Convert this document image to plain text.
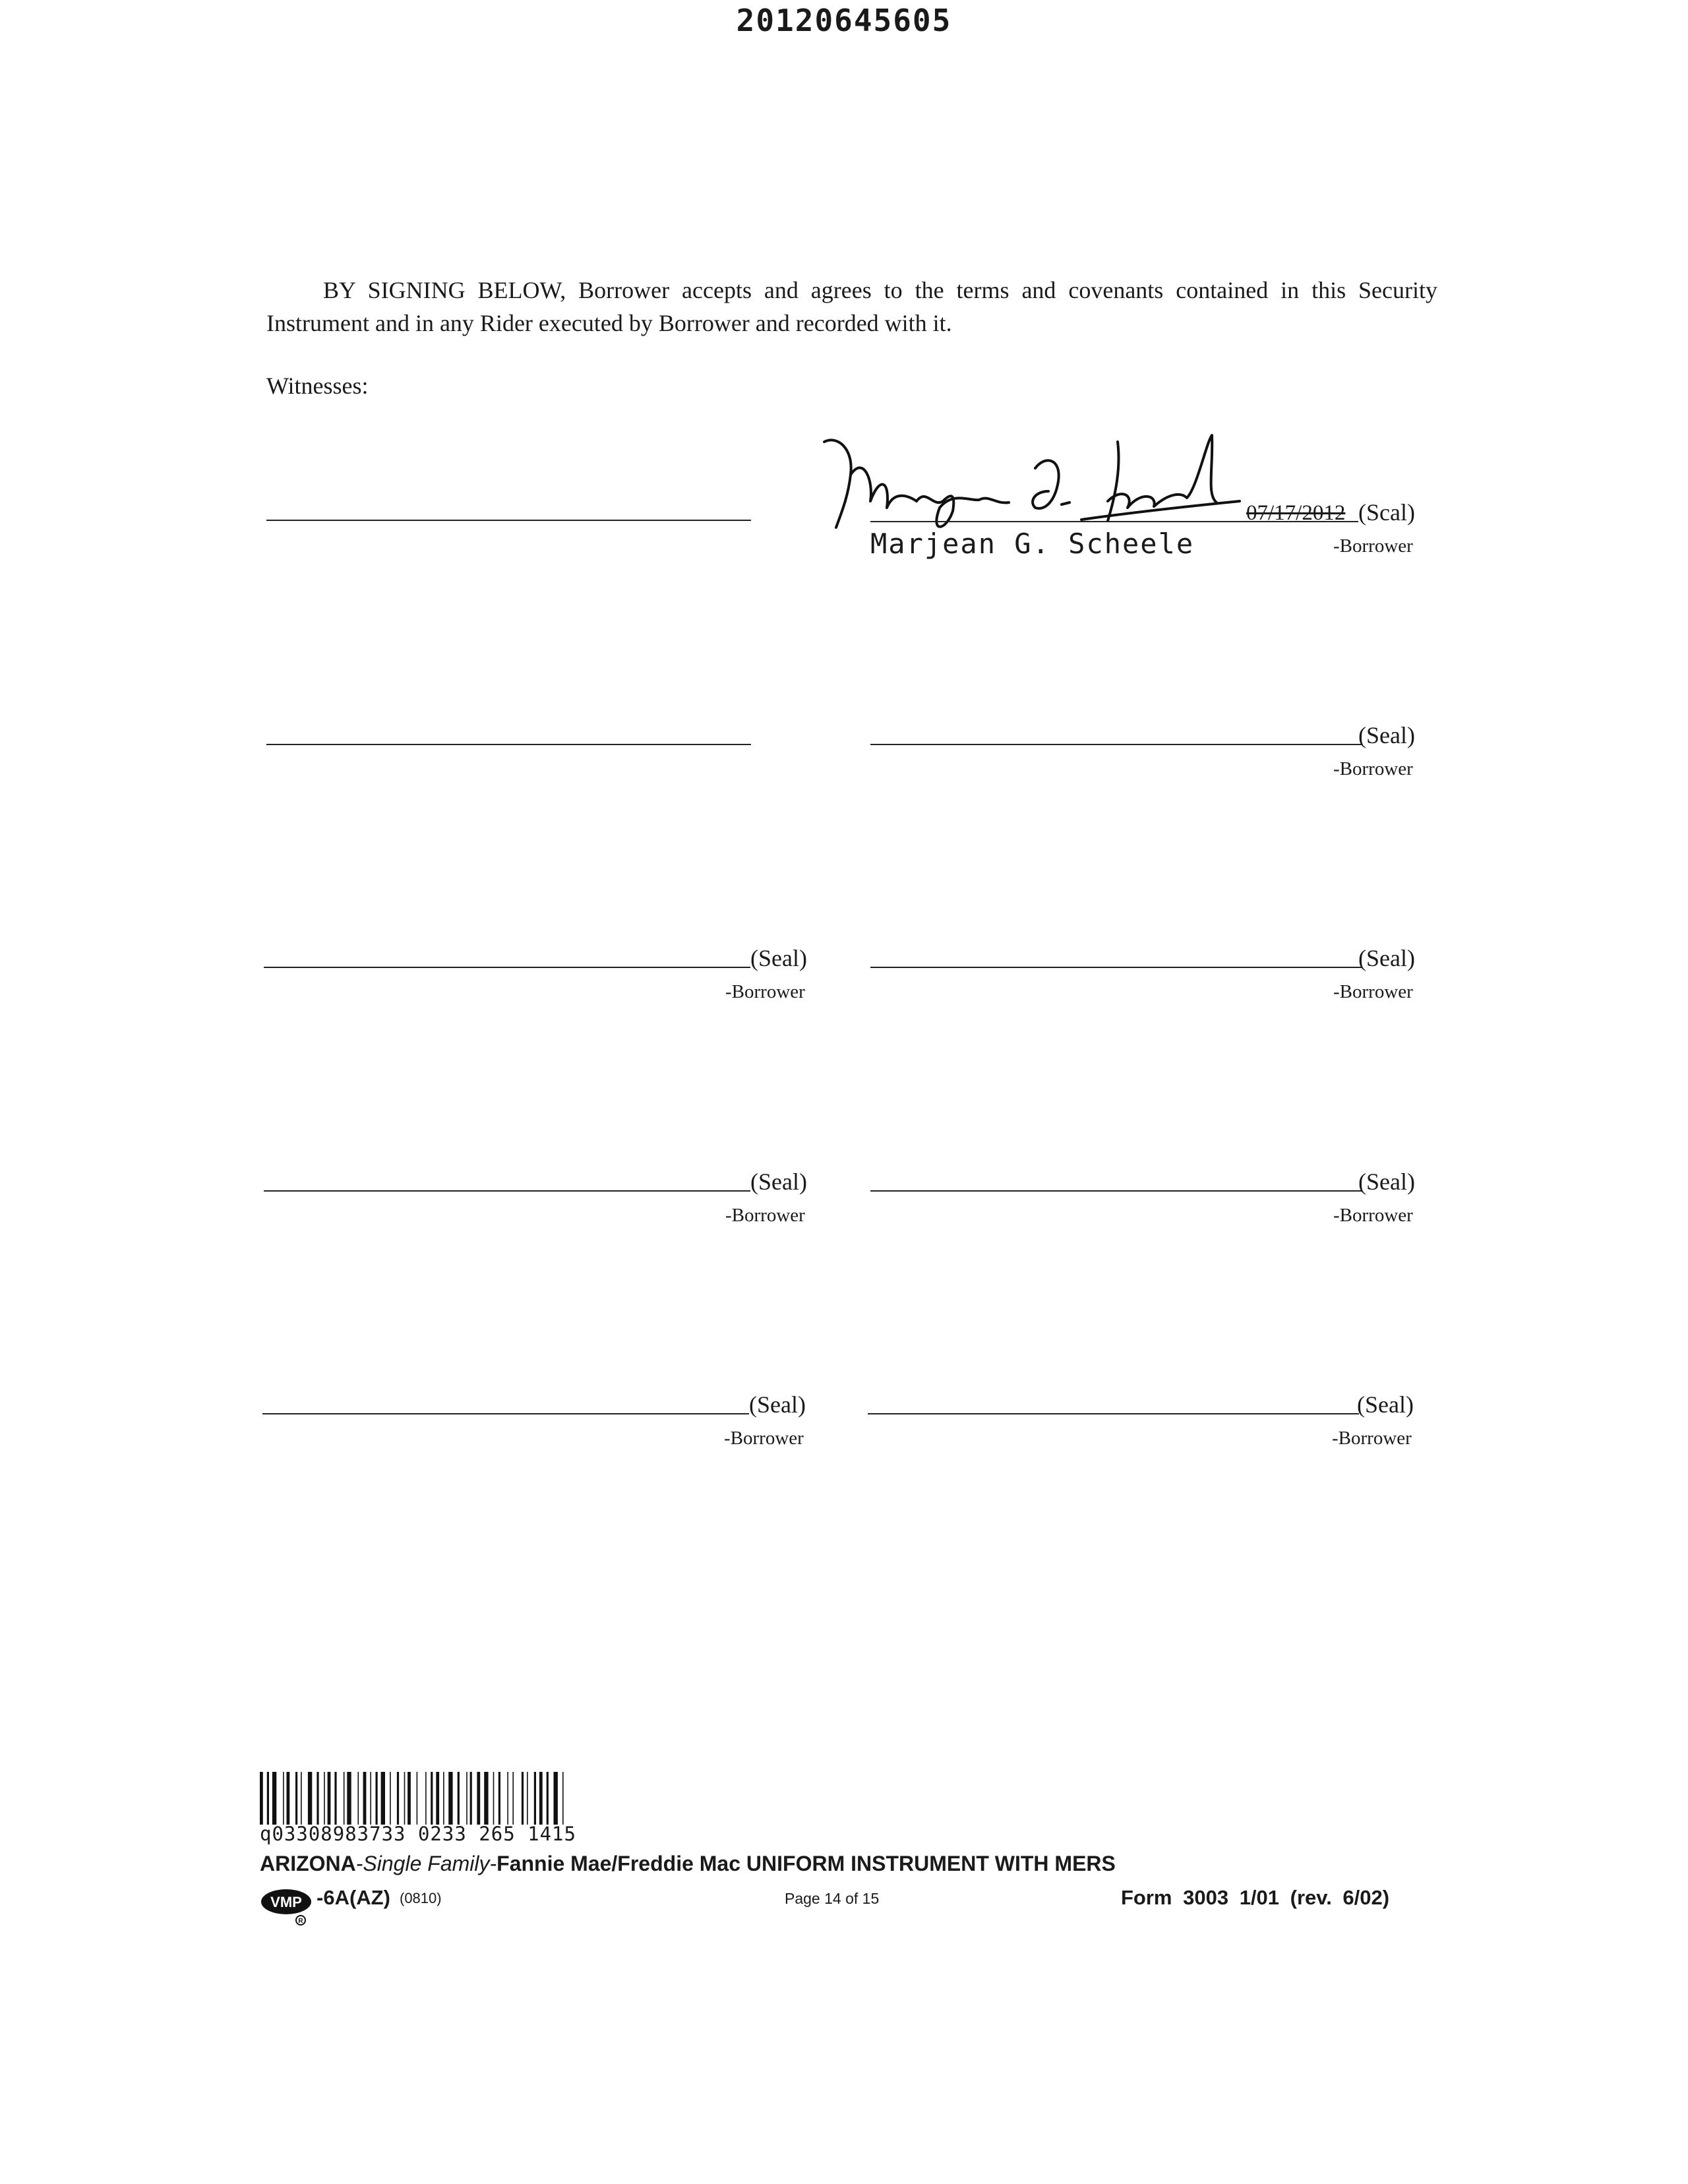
20120645605

BY SIGNING BELOW, Borrower accepts and agrees to the terms and covenants contained in this Security Instrument and in any Rider executed by Borrower and recorded with it.

Witnesses:
07/17/2012 (Scal)
Marjean G. Scheele	-Borrower
(Seal)
-Borrower
(Seal)
-Borrower
(Seal)
-Borrower
(Seal)
-Borrower
(Seal)
-Borrower
(Seal)
-Borrower
(Seal)
-Borrower
q03308983733 0233 265 1415
ARIZONA-Single Family-Fannie Mae/Freddie Mac UNIFORM INSTRUMENT WITH MERS
VMP
R
-6A(AZ) (0810)	Page 14 of 15	Form 3003 1/01 (rev. 6/02)
